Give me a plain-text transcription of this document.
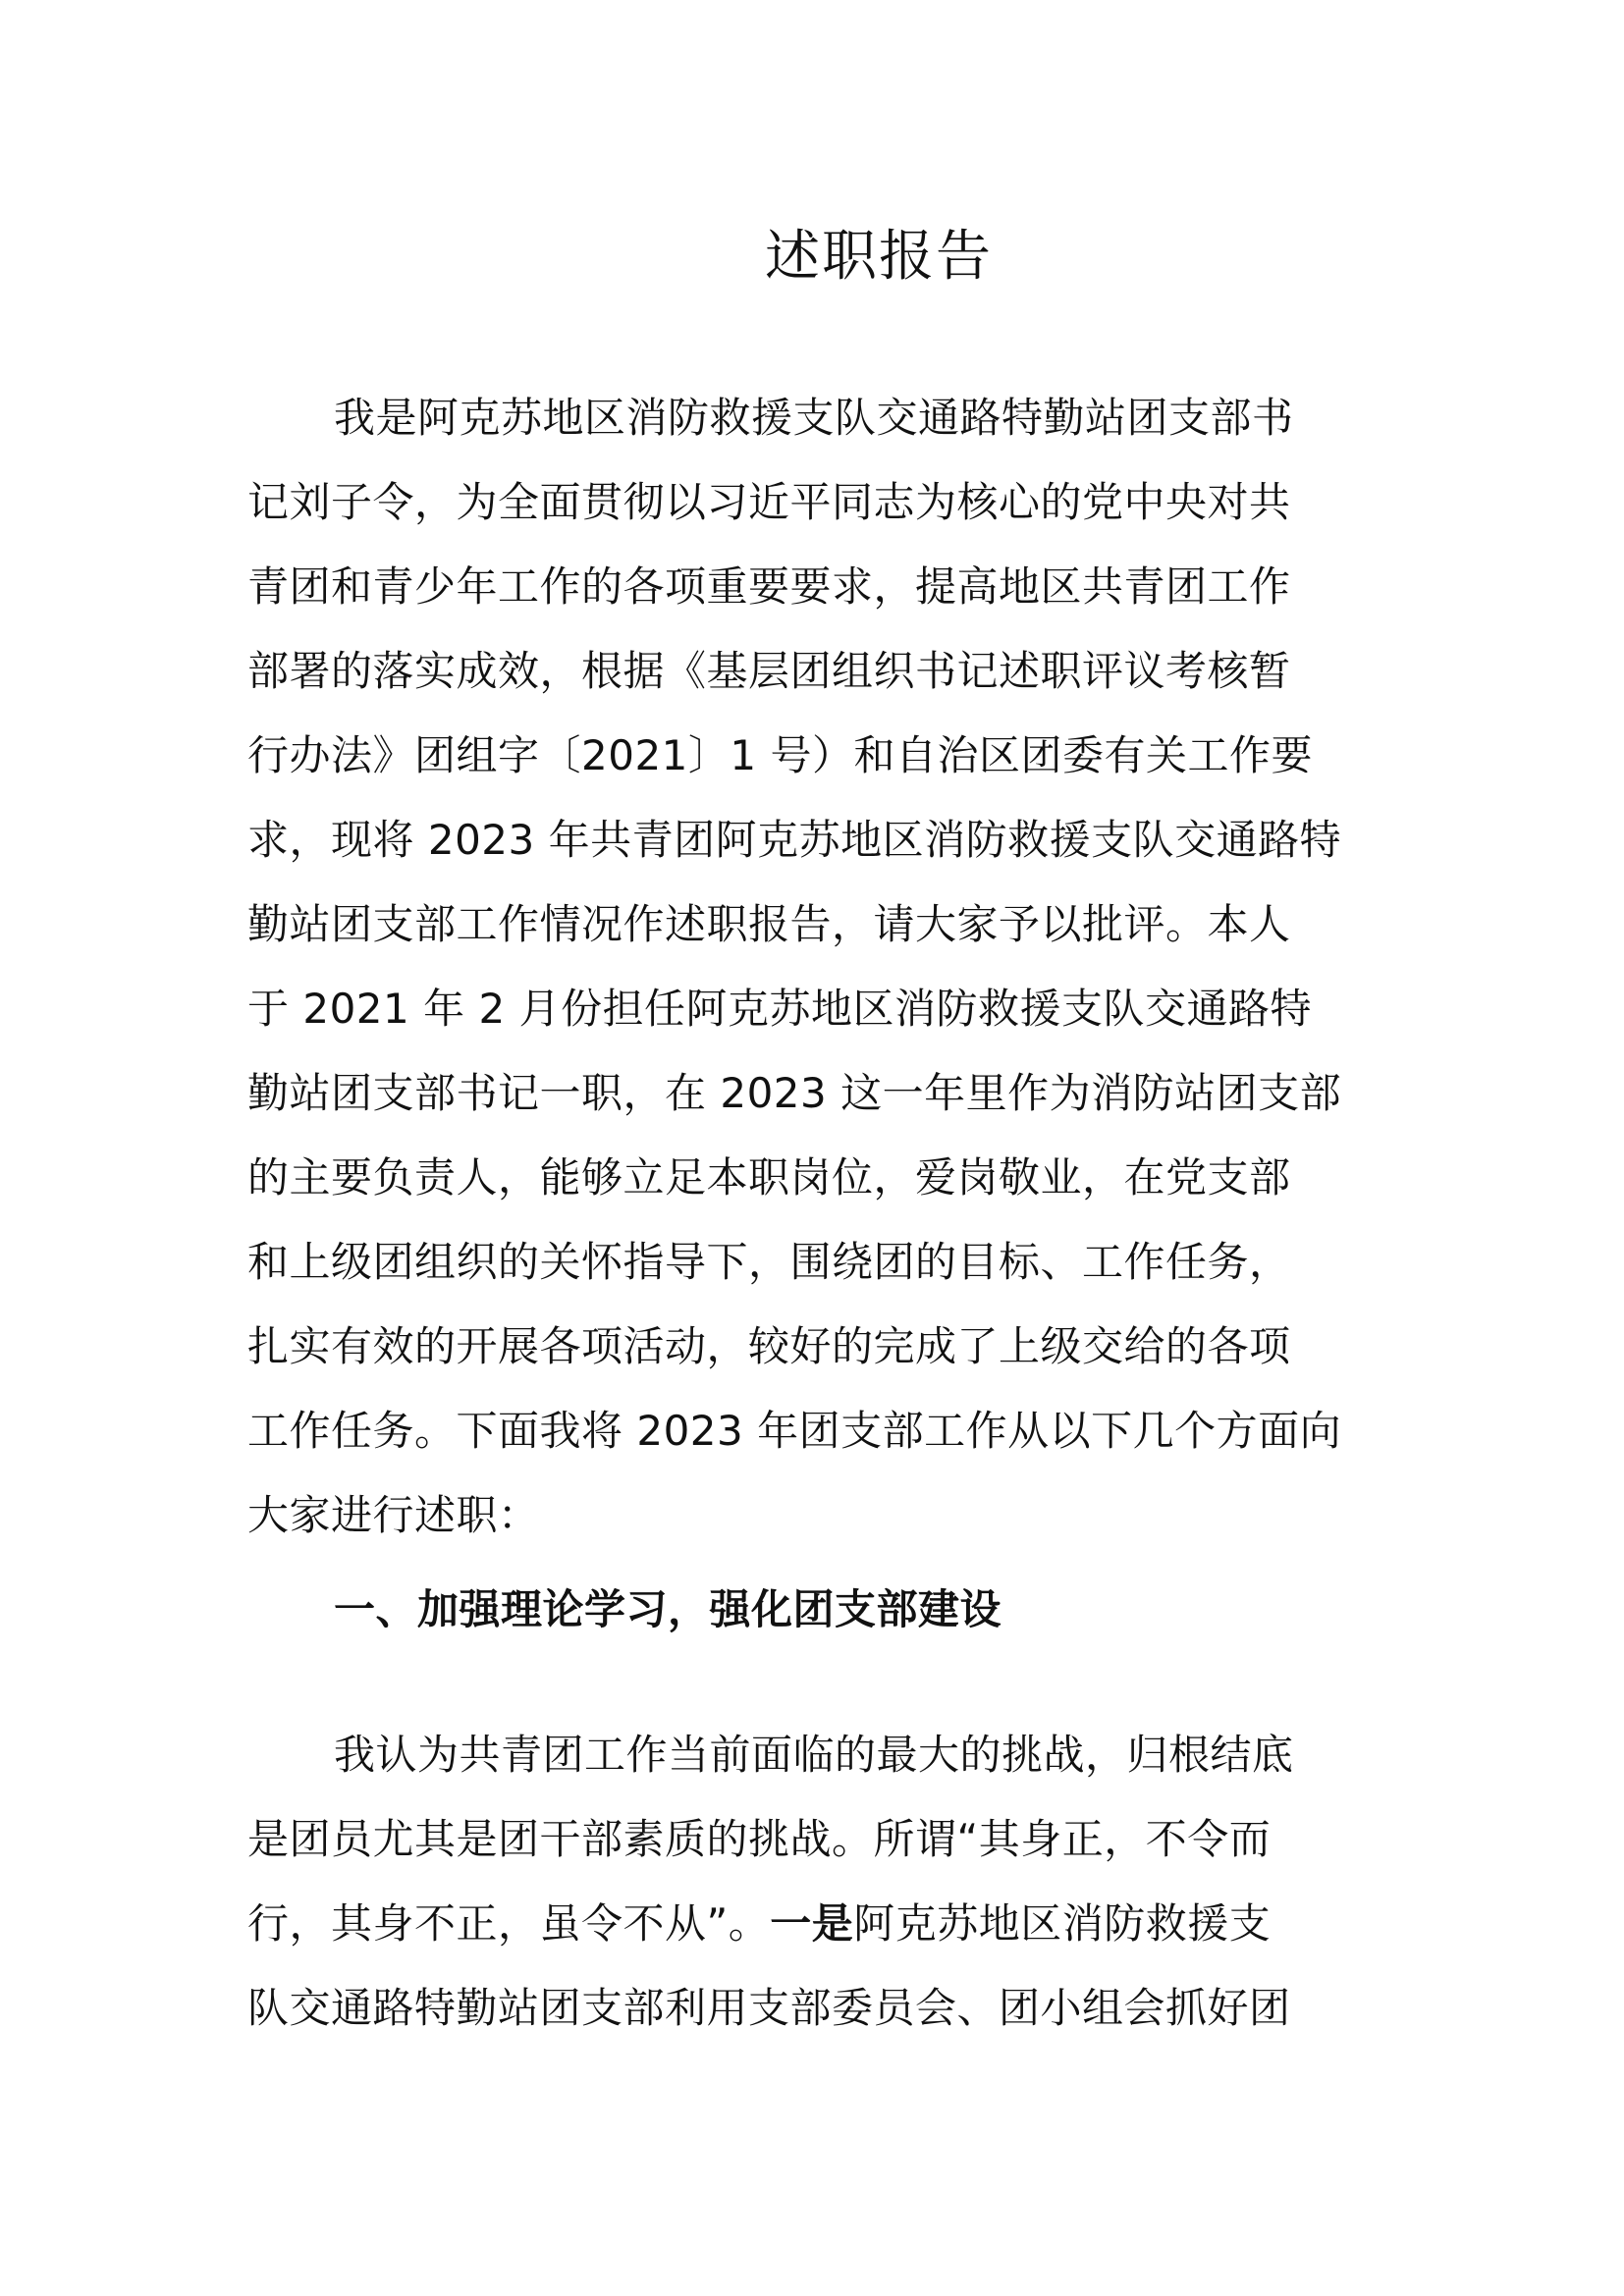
述职报告

我是阿克苏地区消防救援支队交通路特勤站团支部书

记刘子令，为全面贯彻以习近平同志为核心的党中央对共

青团和青少年工作的各项重要要求，提高地区共青团工作

部署的落实成效，根据《基层团组织书记述职评议考核暂

行办法》团组字〔2021〕1 号）和自治区团委有关工作要

求，现将 2023 年共青团阿克苏地区消防救援支队交通路特

勤站团支部工作情况作述职报告，请大家予以批评。本人

于 2021 年 2 月份担任阿克苏地区消防救援支队交通路特

勤站团支部书记一职，在 2023 这一年里作为消防站团支部

的主要负责人，能够立足本职岗位，爱岗敬业，在党支部

和上级团组织的关怀指导下，围绕团的目标、工作任务，

扎实有效的开展各项活动，较好的完成了上级交给的各项

工作任务。下面我将 2023 年团支部工作从以下几个方面向

大家进行述职：

一、加强理论学习，强化团支部建设

我认为共青团工作当前面临的最大的挑战，归根结底

是团员尤其是团干部素质的挑战。所谓“其身正，不令而

行，其身不正，虽令不从”。一是阿克苏地区消防救援支

队交通路特勤站团支部利用支部委员会、团小组会抓好团
